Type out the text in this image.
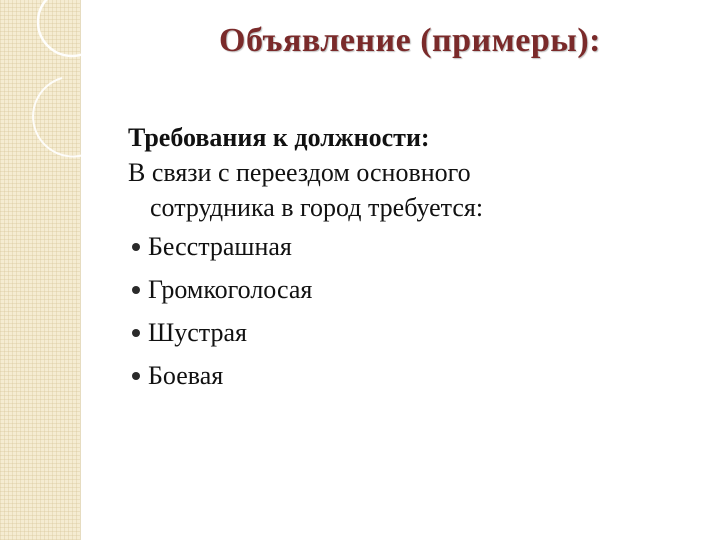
Объявление (примеры):
Требования к должности:

В связи с переездом основного
сотрудника в город требуется:

Бесстрашная
Громкоголосая
Шустрая
Боевая
